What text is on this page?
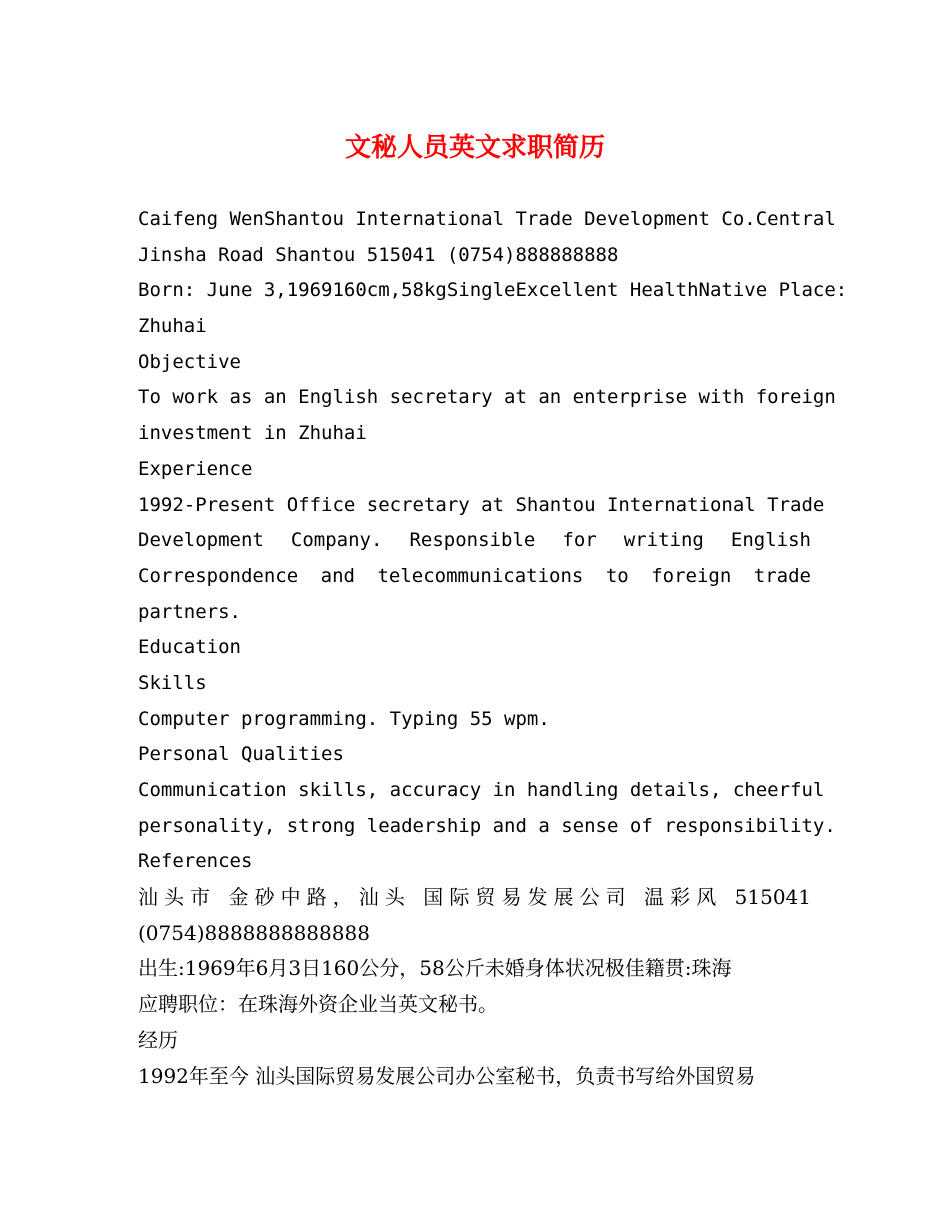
文秘人员英文求职简历
Caifeng WenShantou International Trade Development Co.Central
Jinsha Road Shantou 515041 (0754)888888888
Born: June 3,1969160cm,58kgSingleExcellent HealthNative Place:
Zhuhai
Objective
To work as an English secretary at an enterprise with foreign
investment in Zhuhai
Experience
1992-Present Office secretary at Shantou International Trade
Development Company. Responsible for writing English
Correspondence and telecommunications to foreign trade
partners.
Education
Skills
Computer programming. Typing 55 wpm.
Personal Qualities
Communication skills, accuracy in handling details, cheerful
personality, strong leadership and a sense of responsibility.
References
汕头市 金砂中路，汕头 国际贸易发展公司 温彩风 515041
(0754)8888888888888
出生:1969年6月3日160公分，58公斤未婚身体状况极佳籍贯:珠海
应聘职位：在珠海外资企业当英文秘书。
经历
1992年至今 汕头国际贸易发展公司办公室秘书，负责书写给外国贸易
